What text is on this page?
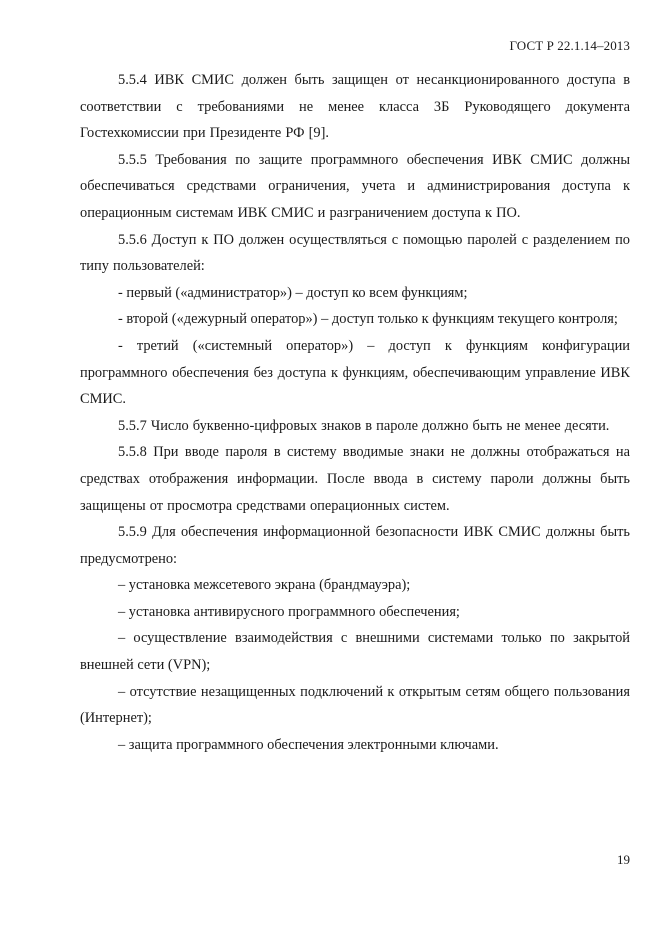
ГОСТ Р 22.1.14–2013

5.5.4 ИВК СМИС должен быть защищен от несанкционированного доступа в соответствии с требованиями не менее класса 3Б Руководящего документа Гостехкомиссии при Президенте РФ [9].

5.5.5 Требования по защите программного обеспечения ИВК СМИС должны обеспечиваться средствами ограничения, учета и администрирования доступа к операционным системам ИВК СМИС и разграничением доступа к ПО.

5.5.6 Доступ к ПО должен осуществляться с помощью паролей с разделением по типу пользователей:

- первый («администратор») – доступ ко всем функциям;

- второй («дежурный оператор») – доступ только к функциям текущего контроля;

- третий («системный оператор») – доступ к функциям конфигурации программного обеспечения без доступа к функциям, обеспечивающим управление ИВК СМИС.

5.5.7 Число буквенно-цифровых знаков в пароле должно быть не менее десяти.

5.5.8 При вводе пароля в систему вводимые знаки не должны отображаться на средствах отображения информации. После ввода в систему пароли должны быть защищены от просмотра средствами операционных систем.

5.5.9 Для обеспечения информационной безопасности ИВК СМИС должны быть предусмотрено:

– установка межсетевого экрана (брандмауэра);

– установка антивирусного программного обеспечения;

– осуществление взаимодействия с внешними системами только по закрытой внешней сети (VPN);

– отсутствие незащищенных подключений к открытым сетям общего пользования (Интернет);

– защита программного обеспечения электронными ключами.

19
